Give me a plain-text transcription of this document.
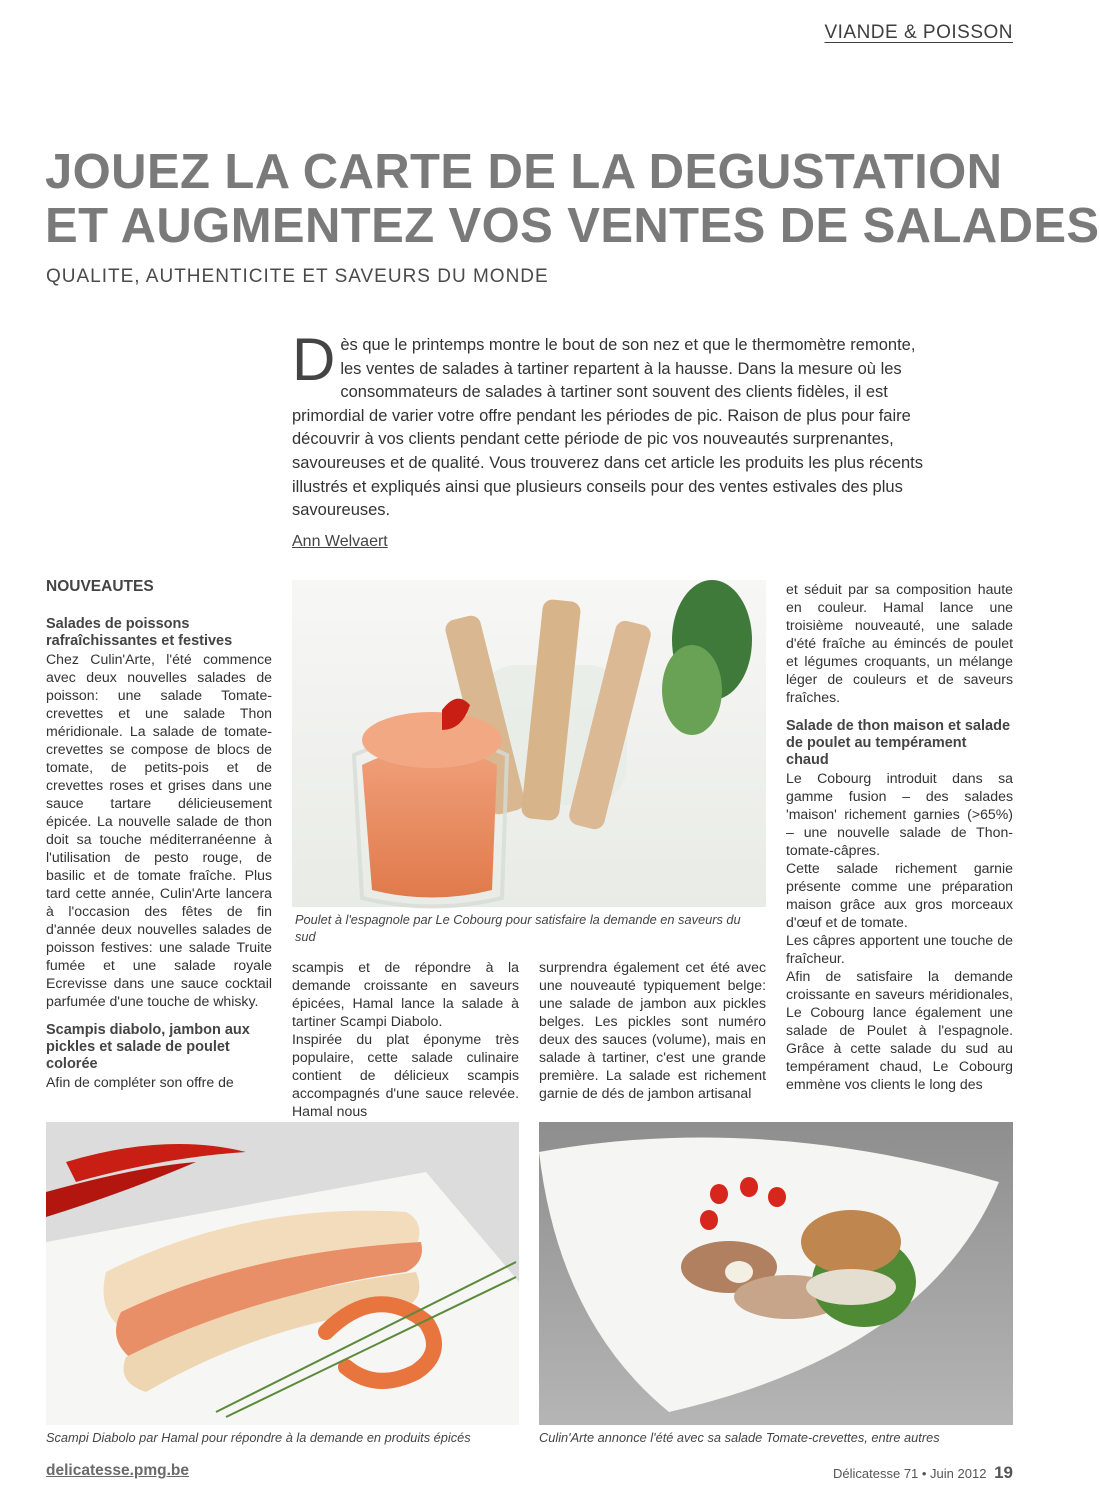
VIANDE & POISSON
JOUEZ LA CARTE DE LA DEGUSTATION
ET AUGMENTEZ VOS VENTES DE SALADES
QUALITE, AUTHENTICITE ET SAVEURS DU MONDE
Dès que le printemps montre le bout de son nez et que le thermomètre remonte, les ventes de salades à tartiner repartent à la hausse. Dans la mesure où les consommateurs de salades à tartiner sont souvent des clients fidèles, il est primordial de varier votre offre pendant les périodes de pic. Raison de plus pour faire découvrir à vos clients pendant cette période de pic vos nouveautés surprenantes, savoureuses et de qualité. Vous trouverez dans cet article les produits les plus récents illustrés et expliqués ainsi que plusieurs conseils pour des ventes estivales des plus savoureuses.
Ann Welvaert
NOUVEAUTES
Salades de poissons rafraîchissantes et festives

Chez Culin'Arte, l'été commence avec deux nouvelles salades de poisson: une salade Tomate-crevettes et une salade Thon méridionale. La salade de tomate-crevettes se compose de blocs de tomate, de petits-pois et de crevettes roses et grises dans une sauce tartare délicieusement épicée. La nouvelle salade de thon doit sa touche méditerranéenne à l'utilisation de pesto rouge, de basilic et de tomate fraîche. Plus tard cette année, Culin'Arte lancera à l'occasion des fêtes de fin d'année deux nouvelles salades de poisson festives: une salade Truite fumée et une salade royale Ecrevisse dans une sauce cocktail parfumée d'une touche de whisky.

Scampis diabolo, jambon aux pickles et salade de poulet colorée

Afin de compléter son offre de

Poulet à l'espagnole par Le Cobourg pour satisfaire la demande en saveurs du sud

scampis et de répondre à la demande croissante en saveurs épicées, Hamal lance la salade à tartiner Scampi Diabolo.

Inspirée du plat éponyme très populaire, cette salade culinaire contient de délicieux scampis accompagnés d'une sauce relevée. Hamal nous

surprendra également cet été avec une nouveauté typiquement belge: une salade de jambon aux pickles belges. Les pickles sont numéro deux des sauces (volume), mais en salade à tartiner, c'est une grande première. La salade est richement garnie de dés de jambon artisanal

et séduit par sa composition haute en couleur. Hamal lance une troisième nouveauté, une salade d'été fraîche au émincés de poulet et légumes croquants, un mélange léger de couleurs et de saveurs fraîches.

Salade de thon maison et salade de poulet au tempérament chaud

Le Cobourg introduit dans sa gamme fusion – des salades 'maison' richement garnies (>65%) – une nouvelle salade de Thon-tomate-câpres.

Cette salade richement garnie présente comme une préparation maison grâce aux gros morceaux d'œuf et de tomate.

Les câpres apportent une touche de fraîcheur.

Afin de satisfaire la demande croissante en saveurs méridionales, Le Cobourg lance également une salade de Poulet à l'espagnole. Grâce à cette salade du sud au tempérament chaud, Le Cobourg emmène vos clients le long des

Scampi Diabolo par Hamal pour répondre à la demande en produits épicés	Culin'Arte annonce l'été avec sa salade Tomate-crevettes, entre autres
delicatesse.pmg.be	Délicatesse 71 • Juin 2012 19
